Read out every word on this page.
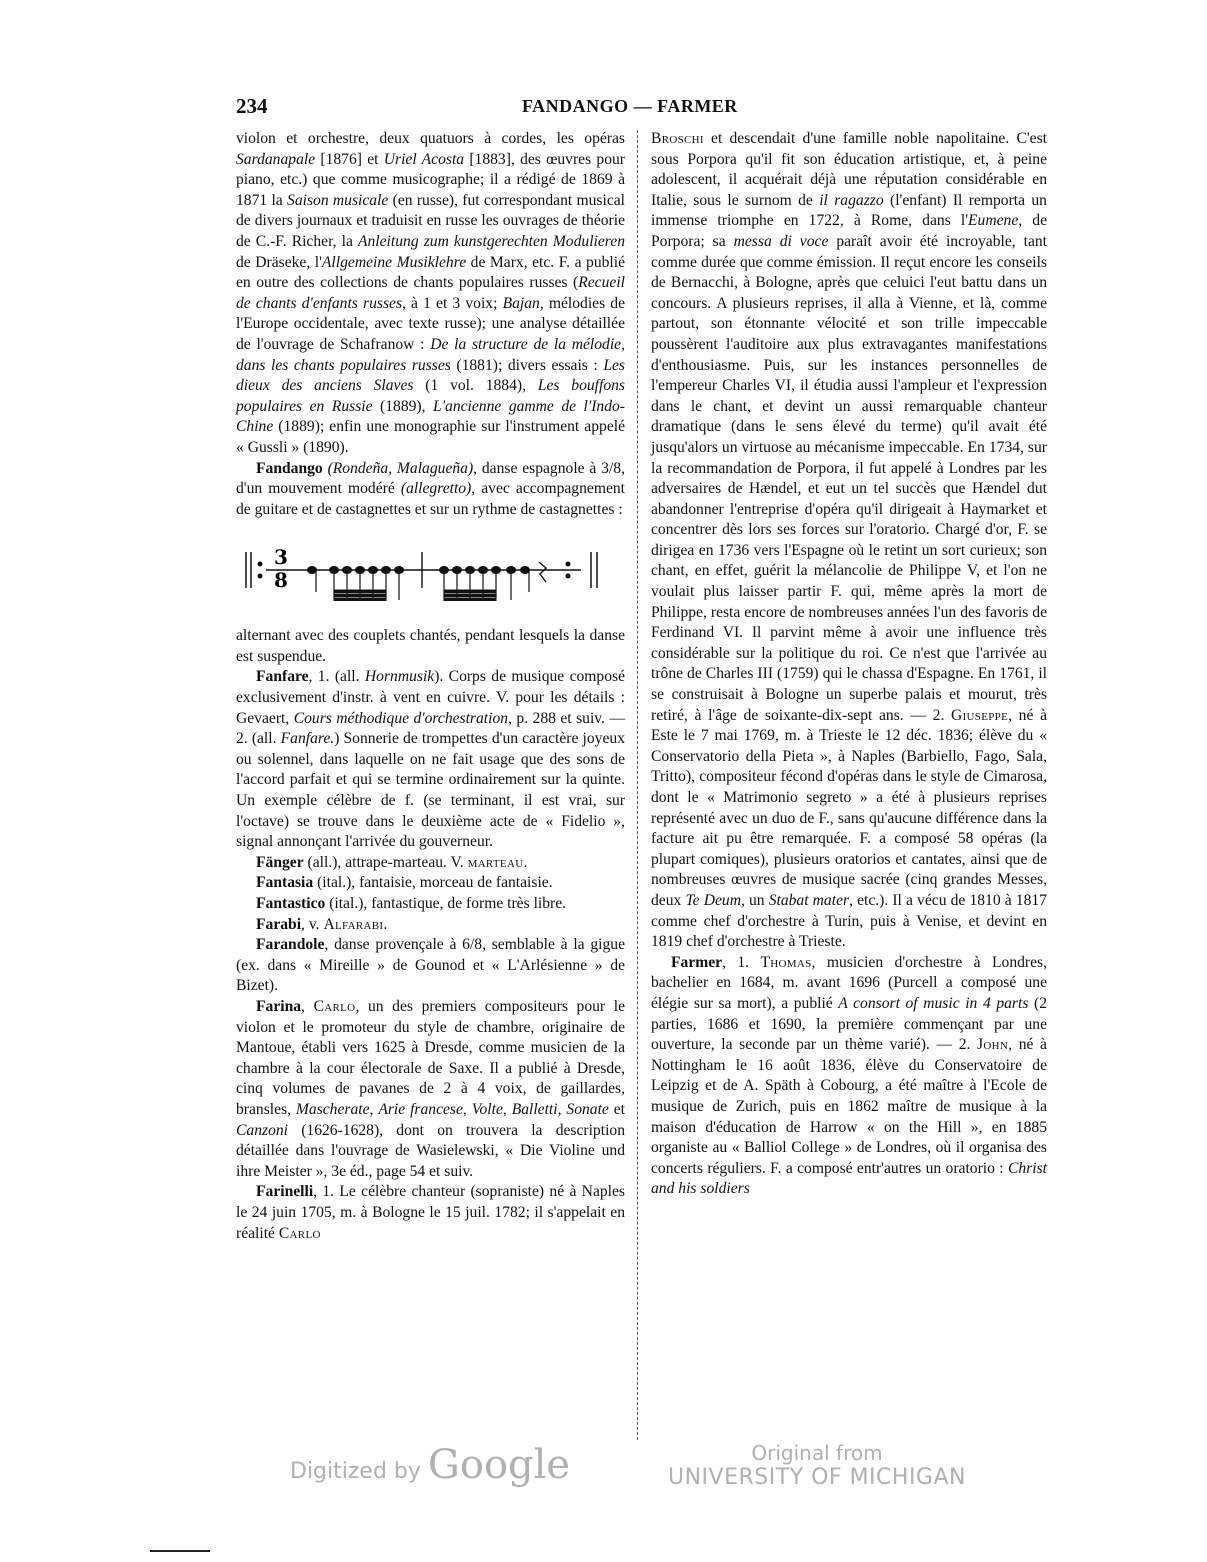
234	FANDANGO — FARMER

violon et orchestre, deux quatuors à cordes, les opéras Sardanapale [1876] et Uriel Acosta [1883], des œuvres pour piano, etc.) que comme musicographe; il a rédigé de 1869 à 1871 la Saison musicale (en russe), fut correspondant musical de divers journaux et traduisit en russe les ouvrages de théorie de C.-F. Richer, la Anleitung zum kunstgerechten Modulieren de Dräseke, l'Allgemeine Musiklehre de Marx, etc. F. a publié en outre des collections de chants populaires russes (Recueil de chants d'enfants russes, à 1 et 3 voix; Bajan, mélodies de l'Europe occidentale, avec texte russe); une analyse détaillée de l'ouvrage de Schafranow : De la structure de la mélodie, dans les chants populaires russes (1881); divers essais : Les dieux des anciens Slaves (1 vol. 1884), Les bouffons populaires en Russie (1889), L'ancienne gamme de l'Indo-Chine (1889); enfin une monographie sur l'instrument appelé « Gussli » (1890).

Fandango (Rondeña, Malagueña), danse espagnole à 3/8, d'un mouvement modéré (allegretto), avec accompagnement de guitare et de castagnettes et sur un rythme de castagnettes :

3
8

alternant avec des couplets chantés, pendant lesquels la danse est suspendue.

Fanfare, 1. (all. Hornmusik). Corps de musique composé exclusivement d'instr. à vent en cuivre. V. pour les détails : Gevaert, Cours méthodique d'orchestration, p. 288 et suiv. — 2. (all. Fanfare.) Sonnerie de trompettes d'un caractère joyeux ou solennel, dans laquelle on ne fait usage que des sons de l'accord parfait et qui se termine ordinairement sur la quinte. Un exemple célèbre de f. (se terminant, il est vrai, sur l'octave) se trouve dans le deuxième acte de « Fidelio », signal annonçant l'arrivée du gouverneur.

Fänger (all.), attrape-marteau. V. marteau.

Fantasia (ital.), fantaisie, morceau de fantaisie.

Fantastico (ital.), fantastique, de forme très libre.

Farabi, v. Alfarabi.

Farandole, danse provençale à 6/8, semblable à la gigue (ex. dans « Mireille » de Gounod et « L'Arlésienne » de Bizet).

Farina, Carlo, un des premiers compositeurs pour le violon et le promoteur du style de chambre, originaire de Mantoue, établi vers 1625 à Dresde, comme musicien de la chambre à la cour électorale de Saxe. Il a publié à Dresde, cinq volumes de pavanes de 2 à 4 voix, de gaillardes, bransles, Mascherate, Arie francese, Volte, Balletti, Sonate et Canzoni (1626-1628), dont on trouvera la description détaillée dans l'ouvrage de Wasielewski, « Die Violine und ihre Meister », 3e éd., page 54 et suiv.

Farinelli, 1. Le célèbre chanteur (sopraniste) né à Naples le 24 juin 1705, m. à Bologne le 15 juil. 1782; il s'appelait en réalité Carlo

Broschi et descendait d'une famille noble napolitaine. C'est sous Porpora qu'il fit son éducation artistique, et, à peine adolescent, il acquérait déjà une réputation considérable en Italie, sous le surnom de il ragazzo (l'enfant) Il remporta un immense triomphe en 1722, à Rome, dans l'Eumene, de Porpora; sa messa di voce paraît avoir été incroyable, tant comme durée que comme émission. Il reçut encore les conseils de Bernacchi, à Bologne, après que celuici l'eut battu dans un concours. A plusieurs reprises, il alla à Vienne, et là, comme partout, son étonnante vélocité et son trille impeccable poussèrent l'auditoire aux plus extravagantes manifestations d'enthousiasme. Puis, sur les instances personnelles de l'empereur Charles VI, il étudia aussi l'ampleur et l'expression dans le chant, et devint un aussi remarquable chanteur dramatique (dans le sens élevé du terme) qu'il avait été jusqu'alors un virtuose au mécanisme impeccable. En 1734, sur la recommandation de Porpora, il fut appelé à Londres par les adversaires de Hændel, et eut un tel succès que Hændel dut abandonner l'entreprise d'opéra qu'il dirigeait à Haymarket et concentrer dès lors ses forces sur l'oratorio. Chargé d'or, F. se dirigea en 1736 vers l'Espagne où le retint un sort curieux; son chant, en effet, guérit la mélancolie de Philippe V, et l'on ne voulait plus laisser partir F. qui, même après la mort de Philippe, resta encore de nombreuses années l'un des favoris de Ferdinand VI. Il parvint même à avoir une influence très considérable sur la politique du roi. Ce n'est que l'arrivée au trône de Charles III (1759) qui le chassa d'Espagne. En 1761, il se construisait à Bologne un superbe palais et mourut, très retiré, à l'âge de soixante-dix-sept ans. — 2. Giuseppe, né à Este le 7 mai 1769, m. à Trieste le 12 déc. 1836; élève du « Conservatorio della Pieta », à Naples (Barbiello, Fago, Sala, Tritto), compositeur fécond d'opéras dans le style de Cimarosa, dont le « Matrimonio segreto » a été à plusieurs reprises représenté avec un duo de F., sans qu'aucune différence dans la facture ait pu être remarquée. F. a composé 58 opéras (la plupart comiques), plusieurs oratorios et cantates, ainsi que de nombreuses œuvres de musique sacrée (cinq grandes Messes, deux Te Deum, un Stabat mater, etc.). Il a vécu de 1810 à 1817 comme chef d'orchestre à Turin, puis à Venise, et devint en 1819 chef d'orchestre à Trieste.

Farmer, 1. Thomas, musicien d'orchestre à Londres, bachelier en 1684, m. avant 1696 (Purcell a composé une élégie sur sa mort), a publié A consort of music in 4 parts (2 parties, 1686 et 1690, la première commençant par une ouverture, la seconde par un thème varié). — 2. John, né à Nottingham le 16 août 1836, élève du Conservatoire de Leipzig et de A. Späth à Cobourg, a été maître à l'Ecole de musique de Zurich, puis en 1862 maître de musique à la maison d'éducation de Harrow « on the Hill », en 1885 organiste au « Balliol College » de Londres, où il organisa des concerts réguliers. F. a composé entr'autres un oratorio : Christ and his soldiers

Digitized by Google	Original from
UNIVERSITY OF MICHIGAN
